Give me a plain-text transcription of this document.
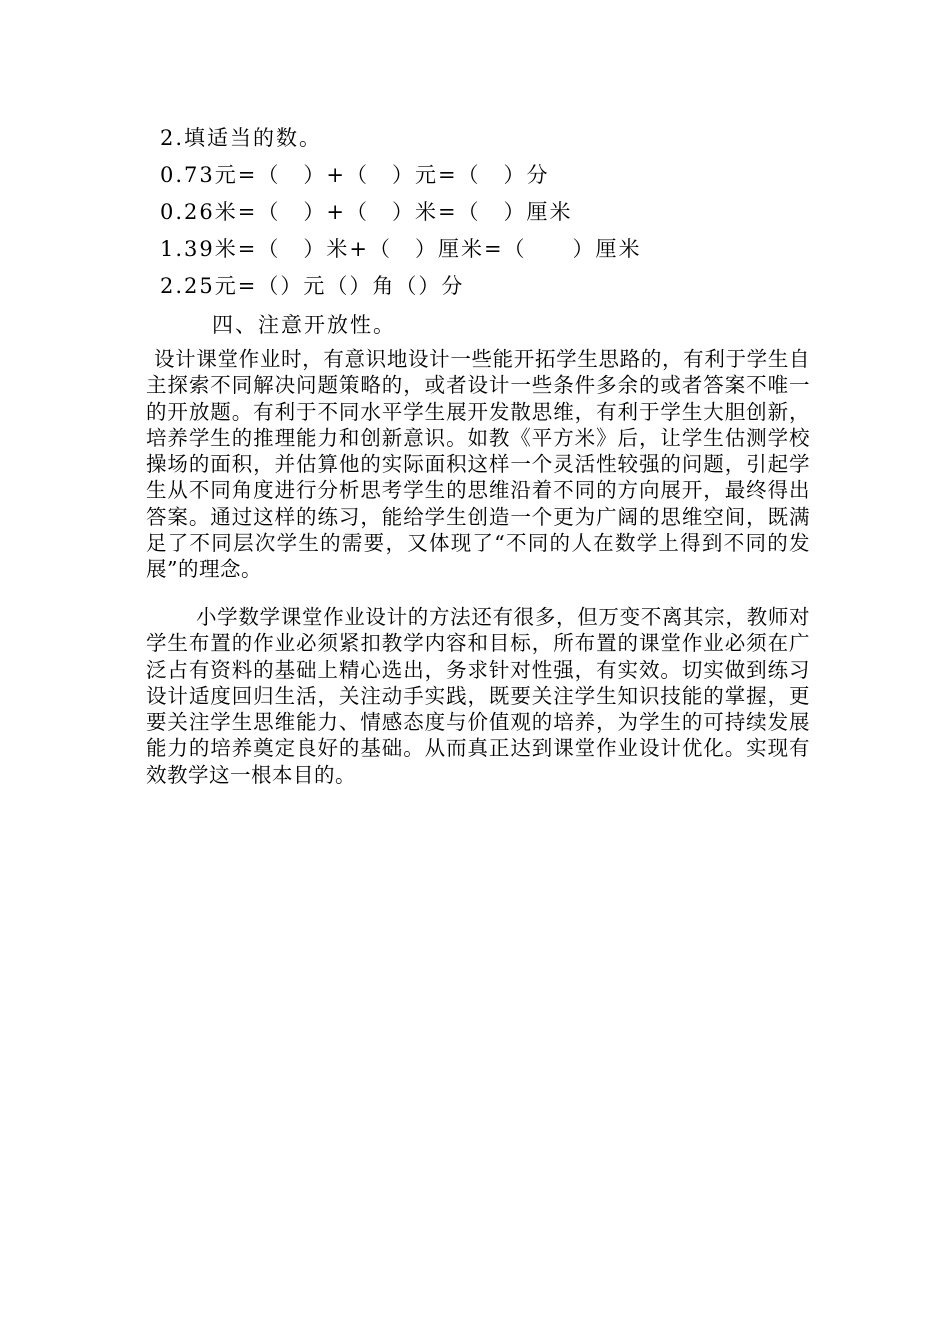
2.填适当的数。
0.73元=（　）+（　）元=（　）分
0.26米=（　）+（　）米=（　）厘米
1.39米=（　）米+（　）厘米=（　　）厘米
2.25元=（）元（）角（）分
四、注意开放性。

设计课堂作业时，有意识地设计一些能开拓学生思路的，有利于学生自主探索不同解决问题策略的，或者设计一些条件多余的或者答案不唯一的开放题。有利于不同水平学生展开发散思维，有利于学生大胆创新，培养学生的推理能力和创新意识。如教《平方米》后，让学生估测学校操场的面积，并估算他的实际面积这样一个灵活性较强的问题，引起学生从不同角度进行分析思考学生的思维沿着不同的方向展开，最终得出答案。通过这样的练习，能给学生创造一个更为广阔的思维空间，既满足了不同层次学生的需要，又体现了“不同的人在数学上得到不同的发展”的理念。

小学数学课堂作业设计的方法还有很多，但万变不离其宗，教师对学生布置的作业必须紧扣教学内容和目标，所布置的课堂作业必须在广泛占有资料的基础上精心选出，务求针对性强，有实效。切实做到练习设计适度回归生活，关注动手实践，既要关注学生知识技能的掌握，更要关注学生思维能力、情感态度与价值观的培养，为学生的可持续发展能力的培养奠定良好的基础。从而真正达到课堂作业设计优化。实现有效教学这一根本目的。
